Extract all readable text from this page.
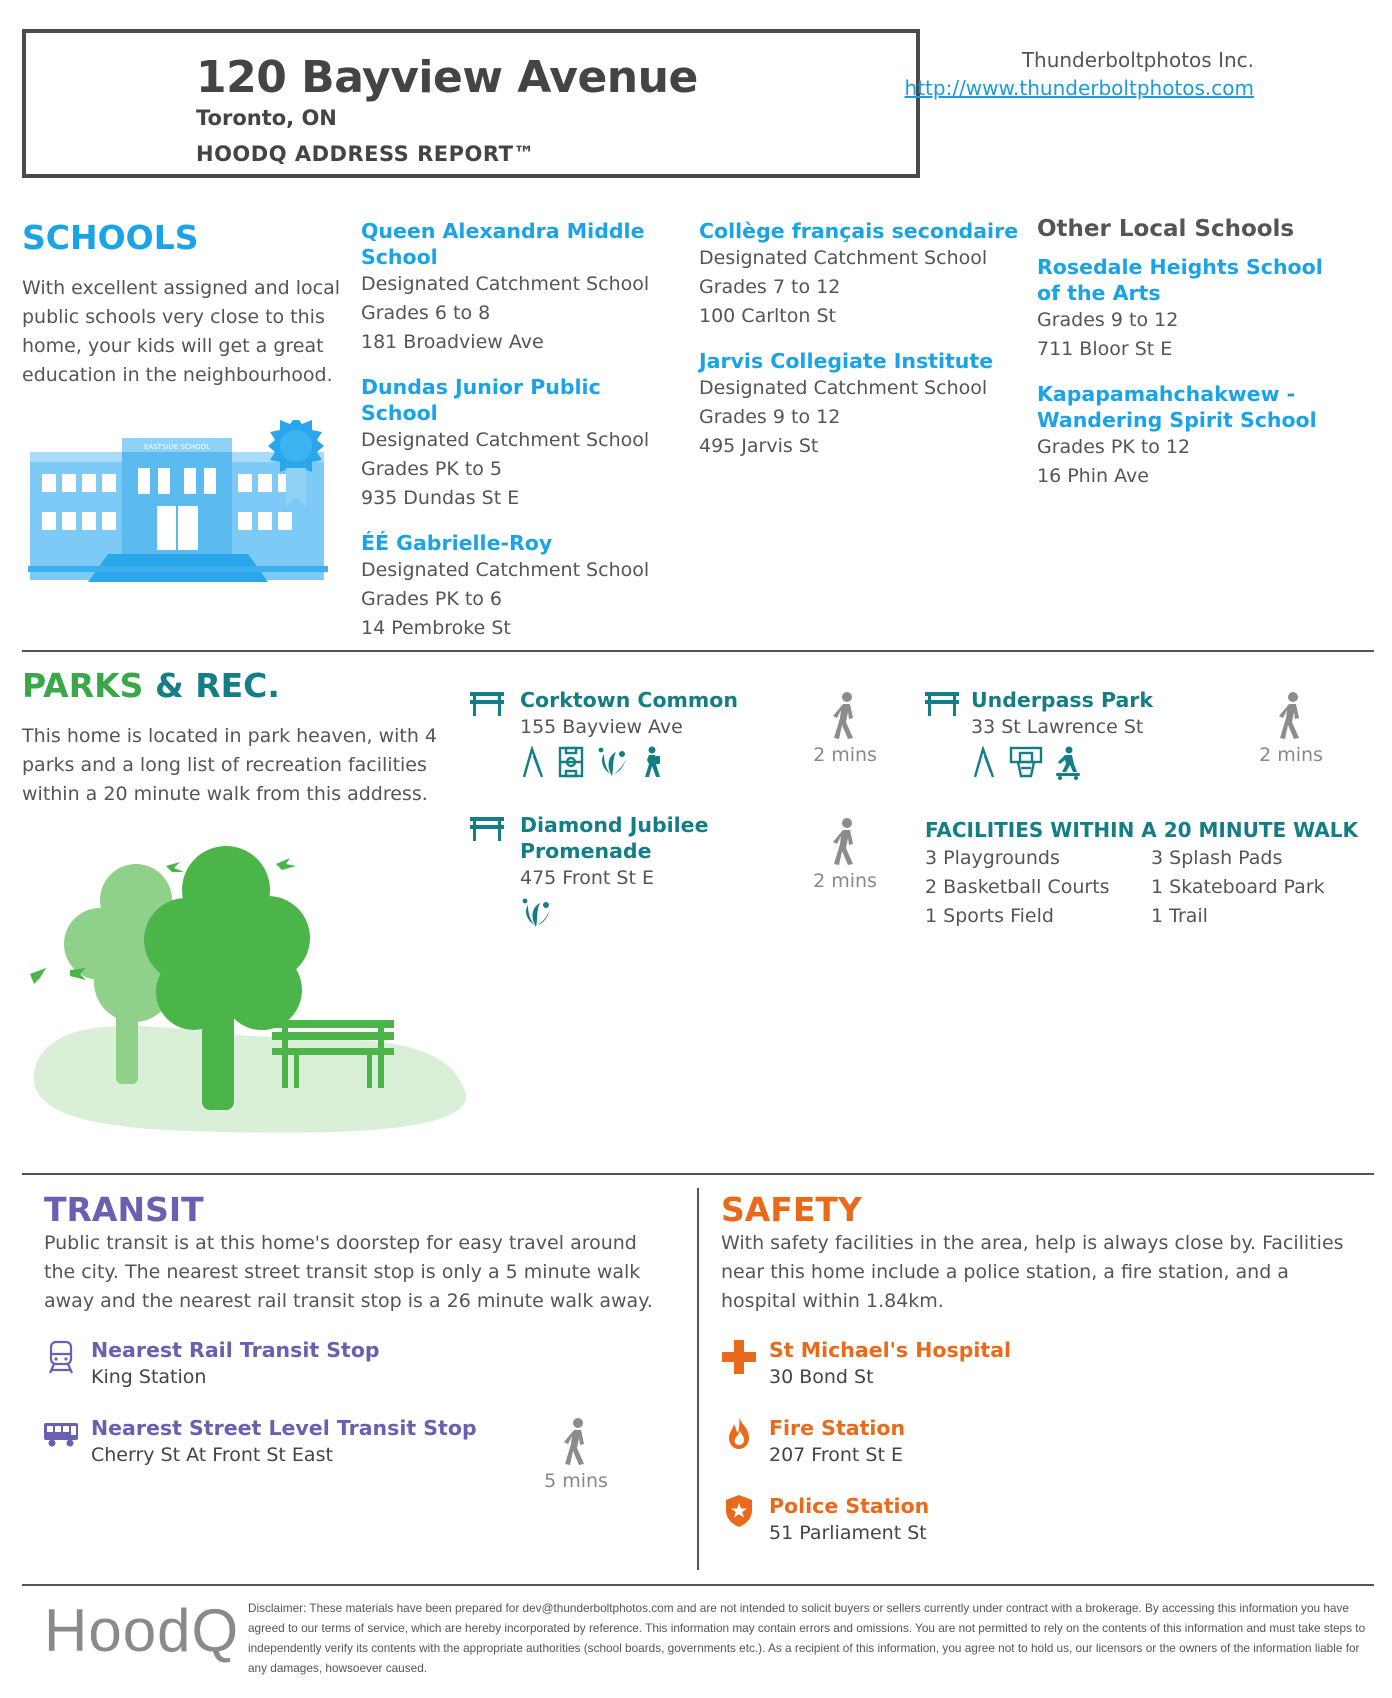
120 Bayview Avenue
Toronto, ON
HOODQ ADDRESS REPORT™
Thunderboltphotos Inc.
http://www.thunderboltphotos.com
SCHOOLS
With excellent assigned and local public schools very close to this home, your kids will get a great education in the neighbourhood.
EASTSIDE SCHOOL
Queen Alexandra Middle School
Designated Catchment School
Grades 6 to 8
181 Broadview Ave
Dundas Junior Public School
Designated Catchment School
Grades PK to 5
935 Dundas St E
ÉÉ Gabrielle-Roy
Designated Catchment School
Grades PK to 6
14 Pembroke St
Collège français secondaire
Designated Catchment School
Grades 7 to 12
100 Carlton St
Jarvis Collegiate Institute
Designated Catchment School
Grades 9 to 12
495 Jarvis St
Other Local Schools
Rosedale Heights School of the Arts
Grades 9 to 12
711 Bloor St E
Kapapamahchakwew - Wandering Spirit School
Grades PK to 12
16 Phin Ave
PARKS & REC.
This home is located in park heaven, with 4 parks and a long list of recreation facilities within a 20 minute walk from this address.
Corktown Common
155 Bayview Ave
2 mins
Underpass Park
33 St Lawrence St
2 mins
Diamond Jubilee Promenade
475 Front St E	2 mins
FACILITIES WITHIN A 20 MINUTE WALK
3 Playgrounds	3 Splash Pads
2 Basketball Courts	1 Skateboard Park
1 Sports Field	1 Trail
TRANSIT
Public transit is at this home's doorstep for easy travel around the city. The nearest street transit stop is only a 5 minute walk away and the nearest rail transit stop is a 26 minute walk away.
Nearest Rail Transit Stop
King Station
Nearest Street Level Transit Stop
Cherry St At Front St East
5 mins
SAFETY
With safety facilities in the area, help is always close by. Facilities near this home include a police station, a fire station, and a hospital within 1.84km.
St Michael's Hospital
30 Bond St
Fire Station
207 Front St E
Police Station
51 Parliament St
HoodQ Disclaimer: These materials have been prepared for dev@thunderboltphotos.com and are not intended to solicit buyers or sellers currently under contract with a brokerage. By accessing this information you have agreed to our terms of service, which are hereby incorporated by reference. This information may contain errors and omissions. You are not permitted to rely on the contents of this information and must take steps to independently verify its contents with the appropriate authorities (school boards, governments etc.). As a recipient of this information, you agree not to hold us, our licensors or the owners of the information liable for any damages, howsoever caused.
